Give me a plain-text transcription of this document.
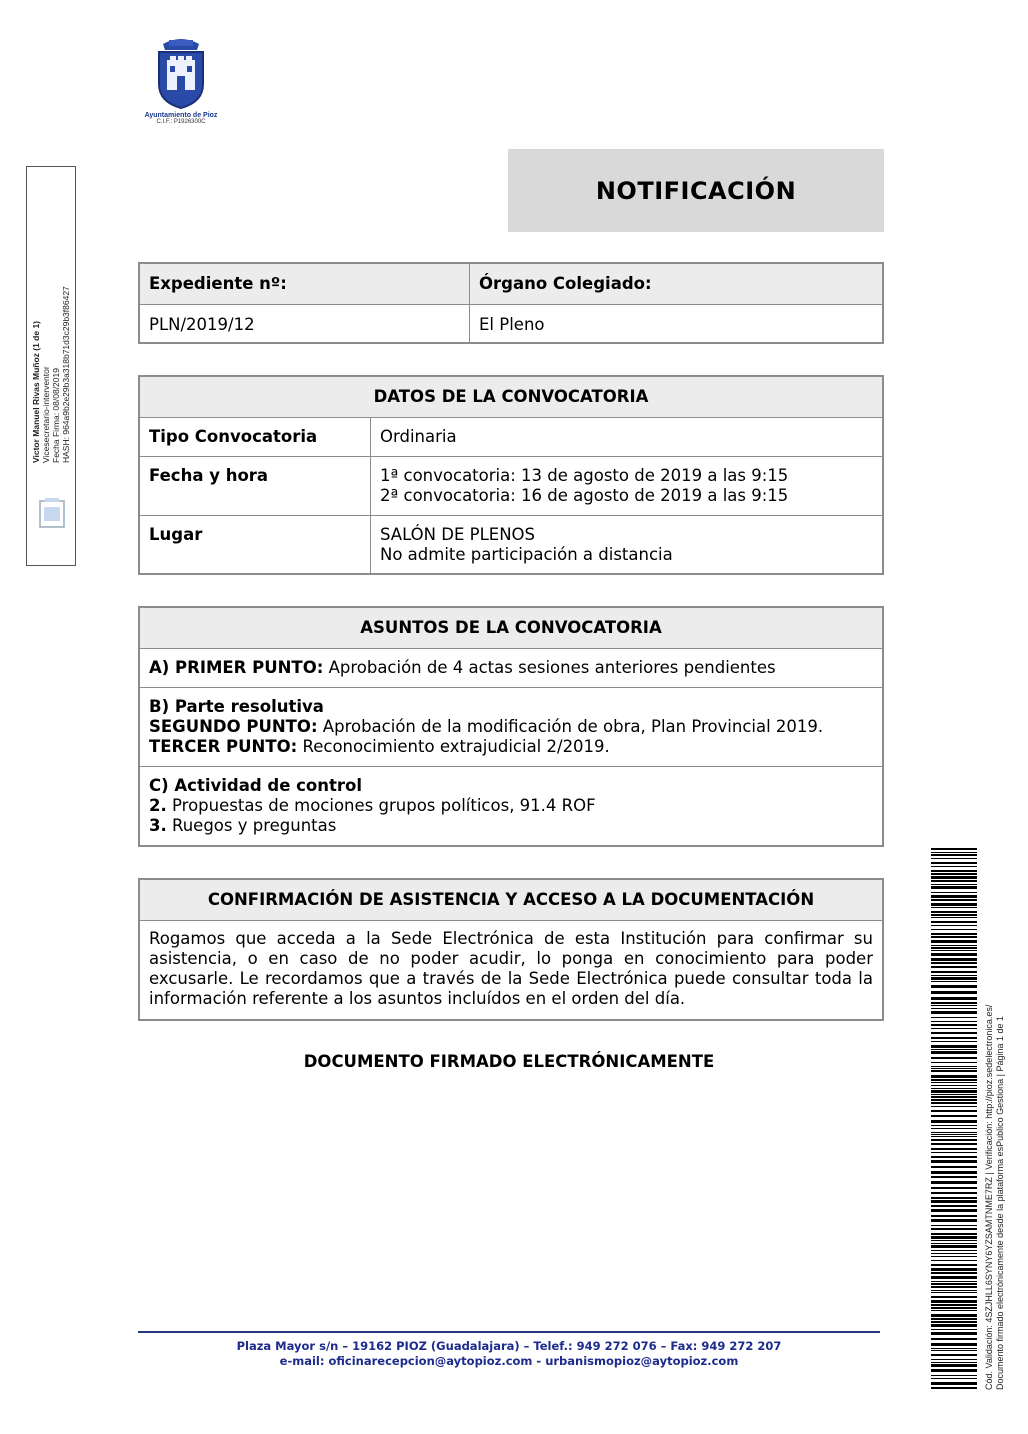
Ayuntamiento de Pioz
C.I.F.: P1926300C
Victor Manuel Rivas Muñoz (1 de 1) Vicesecretario-interventor Fecha Firma: 08/08/2019 HASH: 964a9b2e29b3a318b71d3c29b3f86427
NOTIFICACIÓN
Expediente nº:	Órgano Colegiado:
PLN/2019/12	El Pleno
DATOS DE LA CONVOCATORIA
Tipo Convocatoria	Ordinaria
Fecha y hora	1ª convocatoria: 13 de agosto de 2019 a las 9:15
2ª convocatoria: 16 de agosto de 2019 a las 9:15
Lugar	SALÓN DE PLENOS
No admite participación a distancia
ASUNTOS DE LA CONVOCATORIA
A) PRIMER PUNTO: Aprobación de 4 actas sesiones anteriores pendientes
B) Parte resolutiva
SEGUNDO PUNTO: Aprobación de la modificación de obra, Plan Provincial 2019.
TERCER PUNTO: Reconocimiento extrajudicial 2/2019.
C) Actividad de control
2. Propuestas de mociones grupos políticos, 91.4 ROF
3. Ruegos y preguntas
CONFIRMACIÓN DE ASISTENCIA Y ACCESO A LA DOCUMENTACIÓN
Rogamos que acceda a la Sede Electrónica de esta Institución para confirmar su asistencia, o en caso de no poder acudir, lo ponga en conocimiento para poder excusarle. Le recordamos que a través de la Sede Electrónica puede consultar toda la información referente a los asuntos incluídos en el orden del día.
DOCUMENTO FIRMADO ELECTRÓNICAMENTE
Plaza Mayor s/n – 19162 PIOZ (Guadalajara) – Telef.: 949 272 076 – Fax: 949 272 207
e-mail: oficinarecepcion@aytopioz.com - urbanismopioz@aytopioz.com	Cód. Validación: 4SZJHLL6SYNY6YZSAMTNME7RZ | Verificación: http://pioz.sedelectronica.es/ Documento firmado electrónicamente desde la plataforma esPublico Gestiona | Página 1 de 1
